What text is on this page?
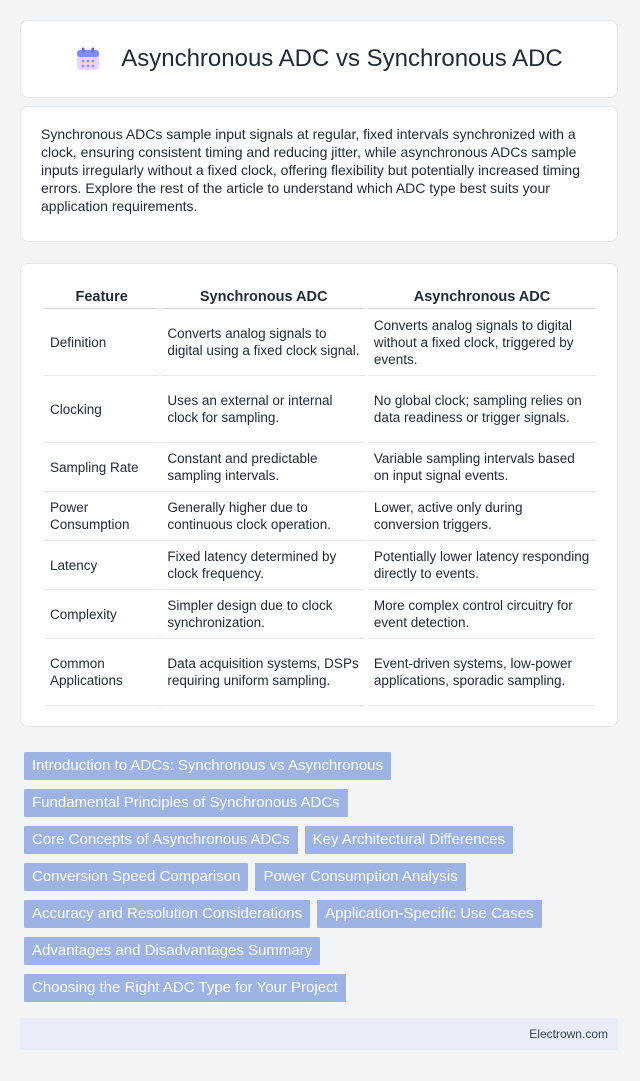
Asynchronous ADC vs Synchronous ADC

Synchronous ADCs sample input signals at regular, fixed intervals synchronized with a clock, ensuring consistent timing and reducing jitter, while asynchronous ADCs sample inputs irregularly without a fixed clock, offering flexibility but potentially increased timing errors. Explore the rest of the article to understand which ADC type best suits your application requirements.

Feature	Synchronous ADC	Asynchronous ADC
Definition	Converts analog signals to digital using a fixed clock signal.	Converts analog signals to digital without a fixed clock, triggered by events.
Clocking	Uses an external or internal clock for sampling.	No global clock; sampling relies on data readiness or trigger signals.
Sampling Rate	Constant and predictable sampling intervals.	Variable sampling intervals based on input signal events.
Power Consumption	Generally higher due to continuous clock operation.	Lower, active only during conversion triggers.
Latency	Fixed latency determined by clock frequency.	Potentially lower latency responding directly to events.
Complexity	Simpler design due to clock synchronization.	More complex control circuitry for event detection.
Common Applications	Data acquisition systems, DSPs requiring uniform sampling.	Event-driven systems, low-power applications, sporadic sampling.
Introduction to ADCs: Synchronous vs Asynchronous
Fundamental Principles of Synchronous ADCs
Core Concepts of Asynchronous ADCs	Key Architectural Differences
Conversion Speed Comparison	Power Consumption Analysis
Accuracy and Resolution Considerations	Application-Specific Use Cases
Advantages and Disadvantages Summary
Choosing the Right ADC Type for Your Project
Electrown.com
